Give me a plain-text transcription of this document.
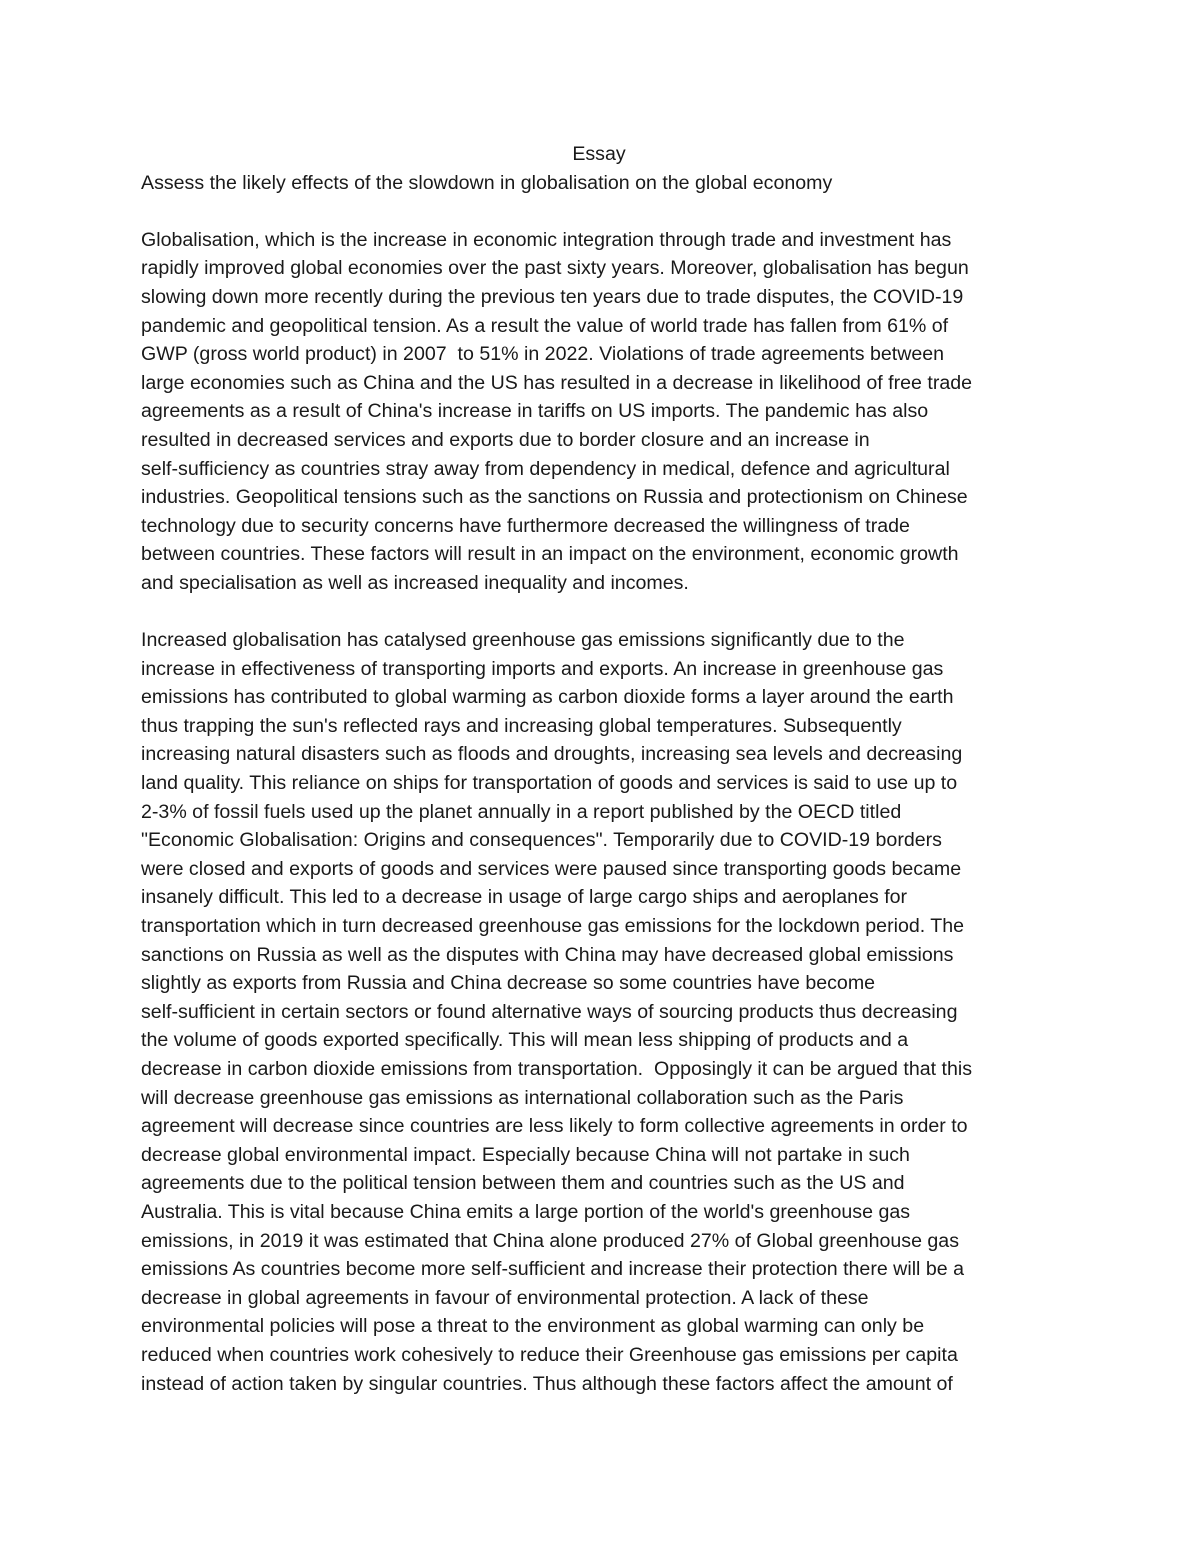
Essay

Assess the likely effects of the slowdown in globalisation on the global economy

Globalisation, which is the increase in economic integration through trade and investment has
rapidly improved global economies over the past sixty years. Moreover, globalisation has begun
slowing down more recently during the previous ten years due to trade disputes, the COVID-19
pandemic and geopolitical tension. As a result the value of world trade has fallen from 61% of
GWP (gross world product) in 2007  to 51% in 2022. Violations of trade agreements between
large economies such as China and the US has resulted in a decrease in likelihood of free trade
agreements as a result of China's increase in tariffs on US imports. The pandemic has also
resulted in decreased services and exports due to border closure and an increase in
self-sufficiency as countries stray away from dependency in medical, defence and agricultural
industries. Geopolitical tensions such as the sanctions on Russia and protectionism on Chinese
technology due to security concerns have furthermore decreased the willingness of trade
between countries. These factors will result in an impact on the environment, economic growth
and specialisation as well as increased inequality and incomes.

Increased globalisation has catalysed greenhouse gas emissions significantly due to the
increase in effectiveness of transporting imports and exports. An increase in greenhouse gas
emissions has contributed to global warming as carbon dioxide forms a layer around the earth
thus trapping the sun's reflected rays and increasing global temperatures. Subsequently
increasing natural disasters such as floods and droughts, increasing sea levels and decreasing
land quality. This reliance on ships for transportation of goods and services is said to use up to
2-3% of fossil fuels used up the planet annually in a report published by the OECD titled
"Economic Globalisation: Origins and consequences". Temporarily due to COVID-19 borders
were closed and exports of goods and services were paused since transporting goods became
insanely difficult. This led to a decrease in usage of large cargo ships and aeroplanes for
transportation which in turn decreased greenhouse gas emissions for the lockdown period. The
sanctions on Russia as well as the disputes with China may have decreased global emissions
slightly as exports from Russia and China decrease so some countries have become
self-sufficient in certain sectors or found alternative ways of sourcing products thus decreasing
the volume of goods exported specifically. This will mean less shipping of products and a
decrease in carbon dioxide emissions from transportation.  Opposingly it can be argued that this
will decrease greenhouse gas emissions as international collaboration such as the Paris
agreement will decrease since countries are less likely to form collective agreements in order to
decrease global environmental impact. Especially because China will not partake in such
agreements due to the political tension between them and countries such as the US and
Australia. This is vital because China emits a large portion of the world's greenhouse gas
emissions, in 2019 it was estimated that China alone produced 27% of Global greenhouse gas
emissions As countries become more self-sufficient and increase their protection there will be a
decrease in global agreements in favour of environmental protection. A lack of these
environmental policies will pose a threat to the environment as global warming can only be
reduced when countries work cohesively to reduce their Greenhouse gas emissions per capita
instead of action taken by singular countries. Thus although these factors affect the amount of
